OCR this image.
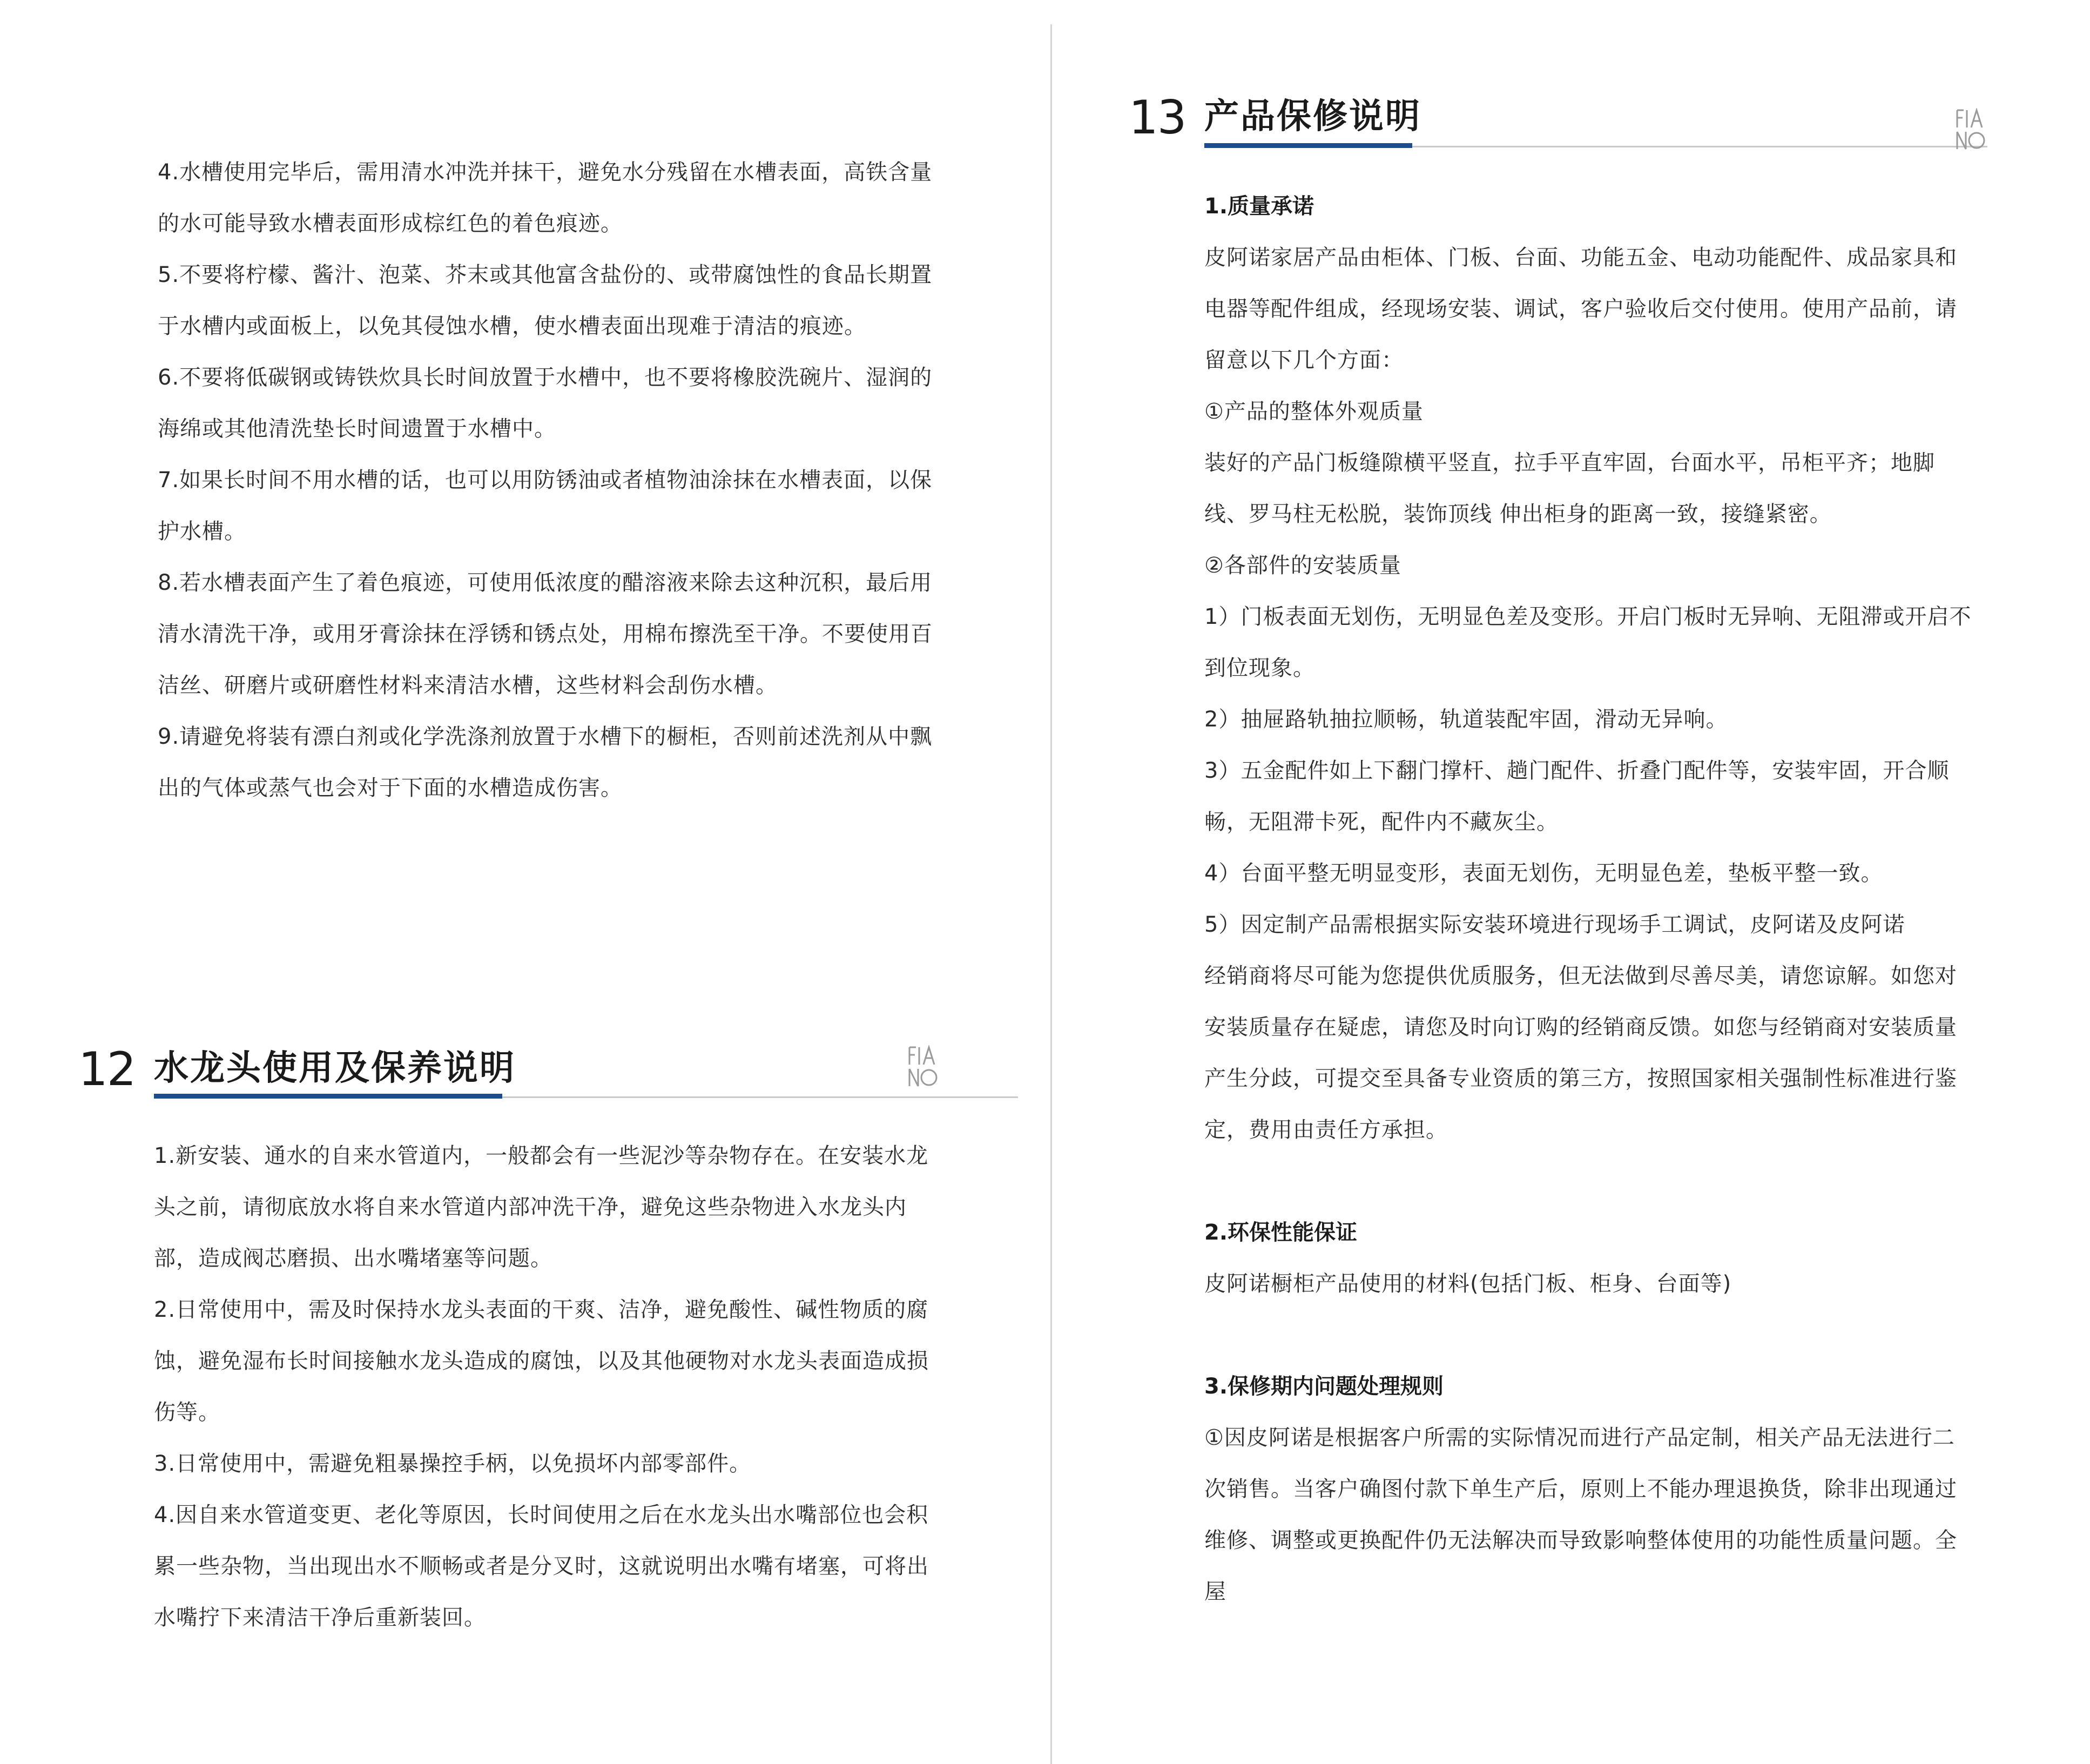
4.水槽使用完毕后，需用清水冲洗并抹干，避免水分残留在水槽表面，高铁含量的水可能导致水槽表面形成棕红色的着色痕迹。

5.不要将柠檬、酱汁、泡菜、芥末或其他富含盐份的、或带腐蚀性的食品长期置于水槽内或面板上，以免其侵蚀水槽，使水槽表面出现难于清洁的痕迹。

6.不要将低碳钢或铸铁炊具长时间放置于水槽中，也不要将橡胶洗碗片、湿润的海绵或其他清洗垫长时间遗置于水槽中。

7.如果长时间不用水槽的话，也可以用防锈油或者植物油涂抹在水槽表面，以保护水槽。

8.若水槽表面产生了着色痕迹，可使用低浓度的醋溶液来除去这种沉积，最后用清水清洗干净，或用牙膏涂抹在浮锈和锈点处，用棉布擦洗至干净。不要使用百洁丝、研磨片或研磨性材料来清洁水槽，这些材料会刮伤水槽。

9.请避免将装有漂白剂或化学洗涤剂放置于水槽下的橱柜，否则前述洗剂从中飘出的气体或蒸气也会对于下面的水槽造成伤害。

12 水龙头使用及保养说明

1.新安装、通水的自来水管道内，一般都会有一些泥沙等杂物存在。在安装水龙头之前，请彻底放水将自来水管道内部冲洗干净，避免这些杂物进入水龙头内部，造成阀芯磨损、出水嘴堵塞等问题。

2.日常使用中，需及时保持水龙头表面的干爽、洁净，避免酸性、碱性物质的腐蚀，避免湿布长时间接触水龙头造成的腐蚀，以及其他硬物对水龙头表面造成损伤等。

3.日常使用中，需避免粗暴操控手柄，以免损坏内部零部件。

4.因自来水管道变更、老化等原因，长时间使用之后在水龙头出水嘴部位也会积累一些杂物，当出现出水不顺畅或者是分叉时，这就说明出水嘴有堵塞，可将出水嘴拧下来清洁干净后重新装回。

13 产品保修说明

1.质量承诺

皮阿诺家居产品由柜体、门板、台面、功能五金、电动功能配件、成品家具和电器等配件组成，经现场安装、调试，客户验收后交付使用。使用产品前，请留意以下几个方面：

①产品的整体外观质量

装好的产品门板缝隙横平竖直，拉手平直牢固，台面水平，吊柜平齐；地脚线、罗马柱无松脱，装饰顶线 伸出柜身的距离一致，接缝紧密。

②各部件的安装质量

1）门板表面无划伤，无明显色差及变形。开启门板时无异响、无阻滞或开启不到位现象。

2）抽屉路轨抽拉顺畅，轨道装配牢固，滑动无异响。

3）五金配件如上下翻门撑杆、趟门配件、折叠门配件等，安装牢固，开合顺畅，无阻滞卡死，配件内不藏灰尘。

4）台面平整无明显变形，表面无划伤，无明显色差，垫板平整一致。

5）因定制产品需根据实际安装环境进行现场手工调试，皮阿诺及皮阿诺

经销商将尽可能为您提供优质服务，但无法做到尽善尽美，请您谅解。如您对安装质量存在疑虑，请您及时向订购的经销商反馈。如您与经销商对安装质量产生分歧，可提交至具备专业资质的第三方，按照国家相关强制性标准进行鉴定，费用由责任方承担。

2.环保性能保证

皮阿诺橱柜产品使用的材料(包括门板、柜身、台面等)

3.保修期内问题处理规则

①因皮阿诺是根据客户所需的实际情况而进行产品定制，相关产品无法进行二次销售。当客户确图付款下单生产后，原则上不能办理退换货，除非出现通过维修、调整或更换配件仍无法解决而导致影响整体使用的功能性质量问题。全屋
